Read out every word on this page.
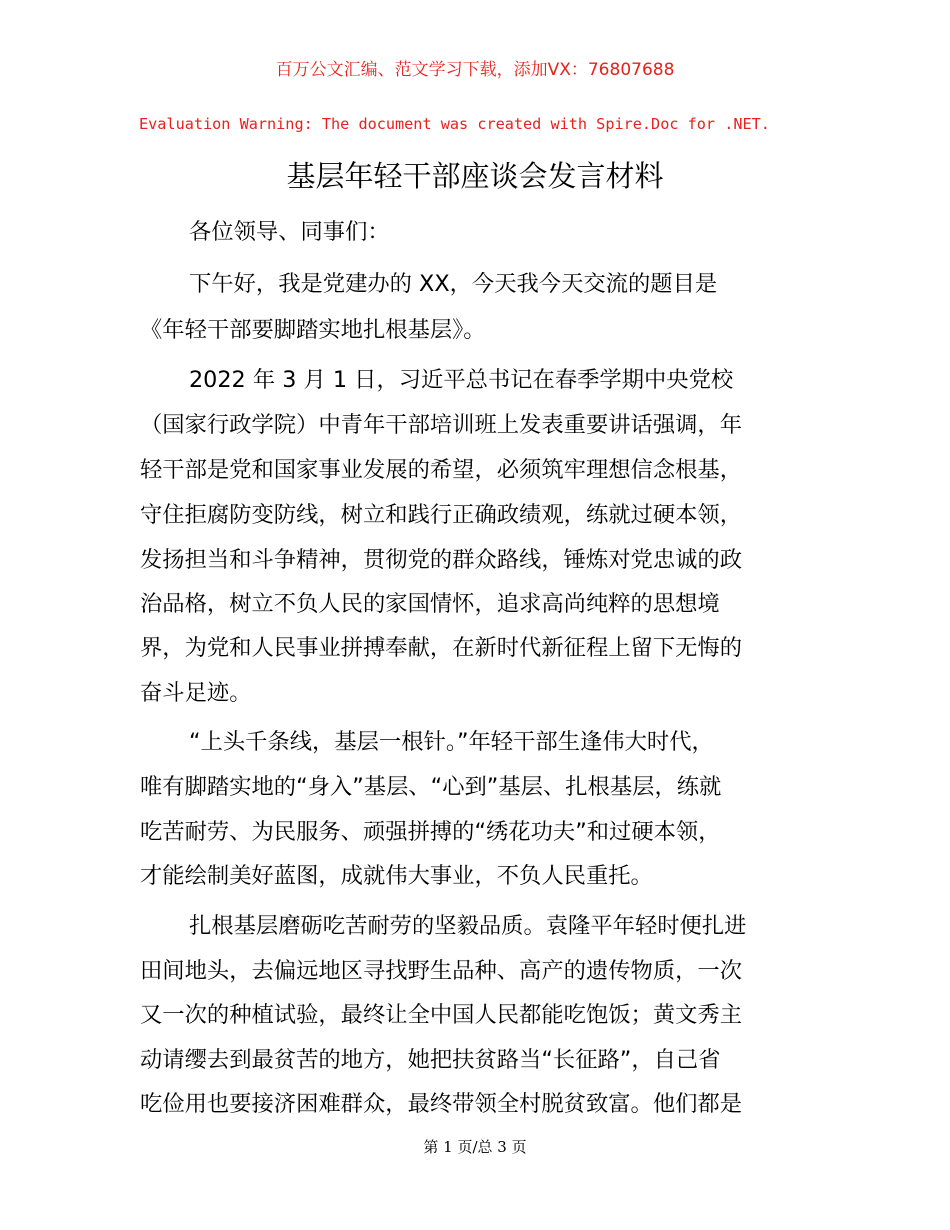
百万公文汇编、范文学习下载，添加VX：76807688
Evaluation Warning: The document was created with Spire.Doc for .NET.
基层年轻干部座谈会发言材料
各位领导、同事们：
下午好，我是党建办的 XX，今天我今天交流的题目是
《年轻干部要脚踏实地扎根基层》。
2022 年 3 月 1 日，习近平总书记在春季学期中央党校
（国家行政学院）中青年干部培训班上发表重要讲话强调，年
轻干部是党和国家事业发展的希望，必须筑牢理想信念根基，
守住拒腐防变防线，树立和践行正确政绩观，练就过硬本领，
发扬担当和斗争精神，贯彻党的群众路线，锤炼对党忠诚的政
治品格，树立不负人民的家国情怀，追求高尚纯粹的思想境
界，为党和人民事业拼搏奉献，在新时代新征程上留下无悔的
奋斗足迹。
“上头千条线，基层一根针。”年轻干部生逢伟大时代，
唯有脚踏实地的“身入”基层、“心到”基层、扎根基层，练就
吃苦耐劳、为民服务、顽强拼搏的“绣花功夫”和过硬本领，
才能绘制美好蓝图，成就伟大事业，不负人民重托。
扎根基层磨砺吃苦耐劳的坚毅品质。袁隆平年轻时便扎进
田间地头，去偏远地区寻找野生品种、高产的遗传物质，一次
又一次的种植试验，最终让全中国人民都能吃饱饭；黄文秀主
动请缨去到最贫苦的地方，她把扶贫路当“长征路”，自己省
吃俭用也要接济困难群众，最终带领全村脱贫致富。他们都是
第 1 页/总 3 页
